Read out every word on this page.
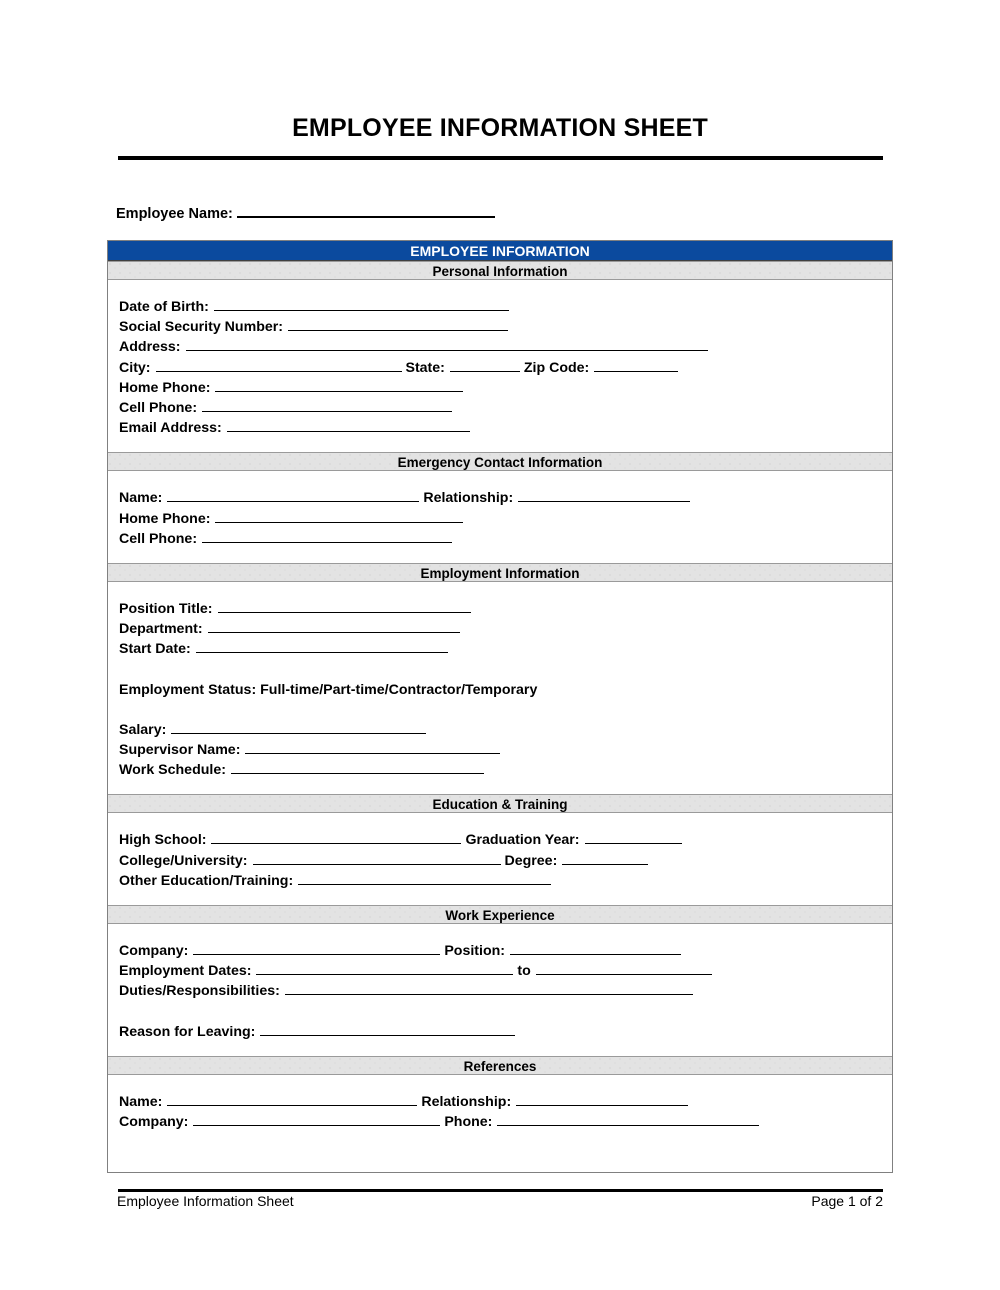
EMPLOYEE INFORMATION SHEET
Employee Name:
EMPLOYEE INFORMATION
Personal Information
Date of Birth:
Social Security Number:
Address:
City:	State:	Zip Code:
Home Phone:
Cell Phone:
Email Address:
Emergency Contact Information
Name:	Relationship:
Home Phone:
Cell Phone:
Employment Information
Position Title:
Department:
Start Date:
Employment Status: Full-time/Part-time/Contractor/Temporary
Salary:
Supervisor Name:
Work Schedule:
Education & Training
High School:	Graduation Year:
College/University:	Degree:
Other Education/Training:
Work Experience
Company:	Position:
Employment Dates:	to
Duties/Responsibilities:
Reason for Leaving:
References
Name:	Relationship:
Company:	Phone:
Employee Information Sheet	Page 1 of 2
